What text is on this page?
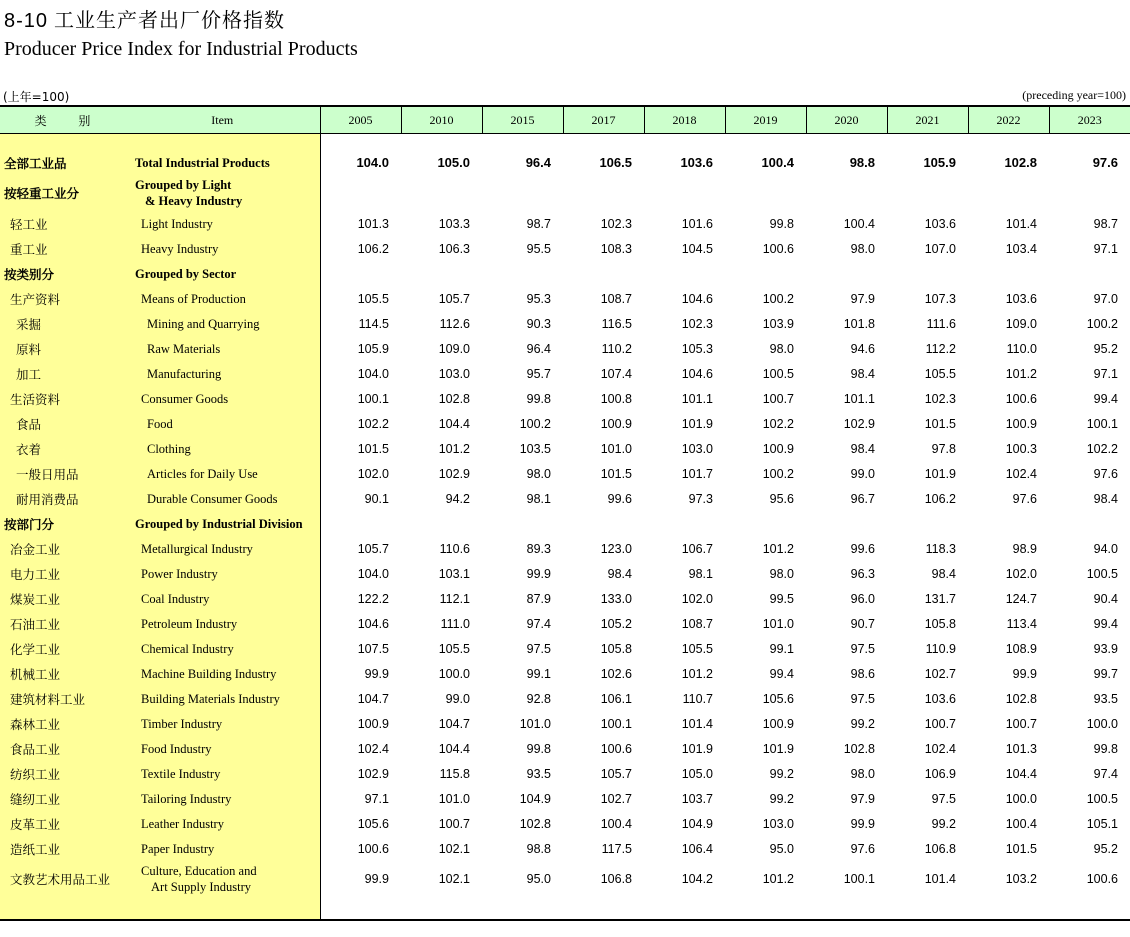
8-10 工业生产者出厂价格指数
Producer Price Index for Industrial Products
(上年=100)	(preceding year=100)
类 别	Item	2005	2010	2015	2017	2018	2019	2020	2021	2022	2023

全部工业品	Total Industrial Products	104.0	105.0	96.4	106.5	103.6	100.4	98.8	105.9	102.8	97.6
按轻重工业分	Grouped by Light
& Heavy Industry										

轻工业	Light Industry	101.3	103.3	98.7	102.3	101.6	99.8	100.4	103.6	101.4	98.7
重工业	Heavy Industry	106.2	106.3	95.5	108.3	104.5	100.6	98.0	107.0	103.4	97.1
按类别分	Grouped by Sector										

生产资料	Means of Production	105.5	105.7	95.3	108.7	104.6	100.2	97.9	107.3	103.6	97.0
采掘	Mining and Quarrying	114.5	112.6	90.3	116.5	102.3	103.9	101.8	111.6	109.0	100.2
原料	Raw Materials	105.9	109.0	96.4	110.2	105.3	98.0	94.6	112.2	110.0	95.2
加工	Manufacturing	104.0	103.0	95.7	107.4	104.6	100.5	98.4	105.5	101.2	97.1
生活资料	Consumer Goods	100.1	102.8	99.8	100.8	101.1	100.7	101.1	102.3	100.6	99.4
食品	Food	102.2	104.4	100.2	100.9	101.9	102.2	102.9	101.5	100.9	100.1
衣着	Clothing	101.5	101.2	103.5	101.0	103.0	100.9	98.4	97.8	100.3	102.2
一般日用品	Articles for Daily Use	102.0	102.9	98.0	101.5	101.7	100.2	99.0	101.9	102.4	97.6
耐用消费品	Durable Consumer Goods	90.1	94.2	98.1	99.6	97.3	95.6	96.7	106.2	97.6	98.4
按部门分	Grouped by Industrial Division										

冶金工业	Metallurgical Industry	105.7	110.6	89.3	123.0	106.7	101.2	99.6	118.3	98.9	94.0
电力工业	Power Industry	104.0	103.1	99.9	98.4	98.1	98.0	96.3	98.4	102.0	100.5
煤炭工业	Coal Industry	122.2	112.1	87.9	133.0	102.0	99.5	96.0	131.7	124.7	90.4
石油工业	Petroleum Industry	104.6	111.0	97.4	105.2	108.7	101.0	90.7	105.8	113.4	99.4
化学工业	Chemical Industry	107.5	105.5	97.5	105.8	105.5	99.1	97.5	110.9	108.9	93.9
机械工业	Machine Building Industry	99.9	100.0	99.1	102.6	101.2	99.4	98.6	102.7	99.9	99.7
建筑材料工业	Building Materials Industry	104.7	99.0	92.8	106.1	110.7	105.6	97.5	103.6	102.8	93.5
森林工业	Timber Industry	100.9	104.7	101.0	100.1	101.4	100.9	99.2	100.7	100.7	100.0
食品工业	Food Industry	102.4	104.4	99.8	100.6	101.9	101.9	102.8	102.4	101.3	99.8
纺织工业	Textile Industry	102.9	115.8	93.5	105.7	105.0	99.2	98.0	106.9	104.4	97.4
缝纫工业	Tailoring Industry	97.1	101.0	104.9	102.7	103.7	99.2	97.9	97.5	100.0	100.5
皮革工业	Leather Industry	105.6	100.7	102.8	100.4	104.9	103.0	99.9	99.2	100.4	105.1
造纸工业	Paper Industry	100.6	102.1	98.8	117.5	106.4	95.0	97.6	106.8	101.5	95.2
文教艺术用品工业	Culture, Education and
Art Supply Industry	99.9	102.1	95.0	106.8	104.2	101.2	100.1	101.4	103.2	100.6
